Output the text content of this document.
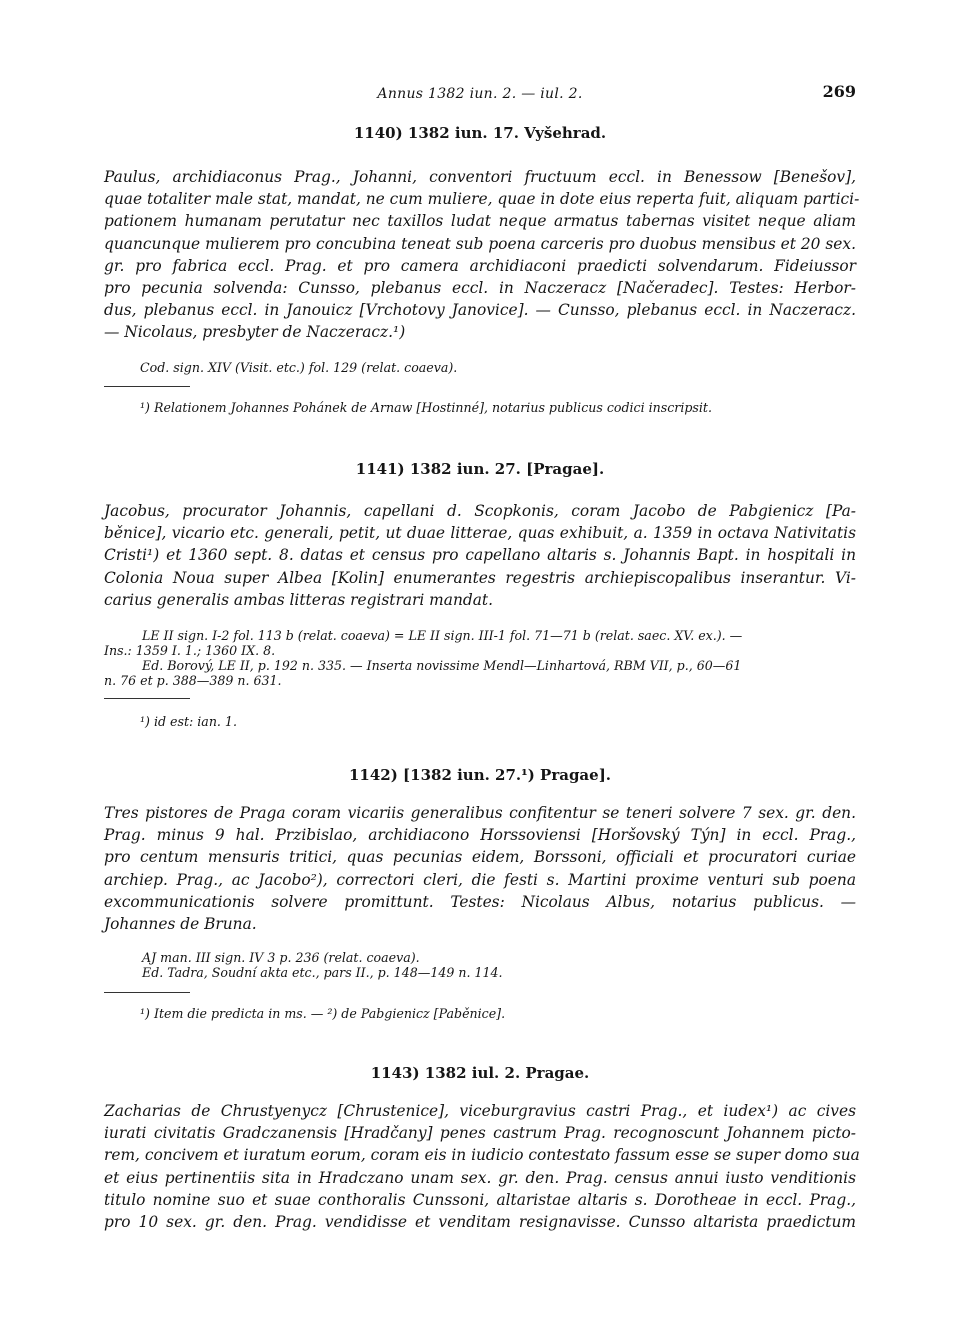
Annus 1382 iun. 2. — iul. 2.	269
1140) 1382 iun. 17. Vyšehrad.
Paulus, archidiaconus Prag., Johanni, conventori fructuum eccl. in Benessow [Benešov],
quae totaliter male stat, mandat, ne cum muliere, quae in dote eius reperta fuit, aliquam partici-
pationem humanam perutatur nec taxillos ludat neque armatus tabernas visitet neque aliam
quancunque mulierem pro concubina teneat sub poena carceris pro duobus mensibus et 20 sex.
gr. pro fabrica eccl. Prag. et pro camera archidiaconi praedicti solvendarum. Fideiussor
pro pecunia solvenda: Cunsso, plebanus eccl. in Naczeracz [Načeradec]. Testes: Herbor-
dus, plebanus eccl. in Janouicz [Vrchotovy Janovice]. — Cunsso, plebanus eccl. in Naczeracz.
— Nicolaus, presbyter de Naczeracz.¹)
Cod. sign. XIV (Visit. etc.) fol. 129 (relat. coaeva).
¹) Relationem Johannes Pohánek de Arnaw [Hostinné], notarius publicus codici inscripsit.
1141) 1382 iun. 27. [Pragae].
Jacobus, procurator Johannis, capellani d. Scopkonis, coram Jacobo de Pabgienicz [Pa-
běnice], vicario etc. generali, petit, ut duae litterae, quas exhibuit, a. 1359 in octava Nativitatis
Cristi¹) et 1360 sept. 8. datas et census pro capellano altaris s. Johannis Bapt. in hospitali in
Colonia Noua super Albea [Kolin] enumerantes regestris archiepiscopalibus inserantur. Vi-
carius generalis ambas litteras registrari mandat.
LE II sign. I-2 fol. 113 b (relat. coaeva) = LE II sign. III-1 fol. 71—71 b (relat. saec. XV. ex.). —
Ins.: 1359 I. 1.; 1360 IX. 8.
Ed. Borový, LE II, p. 192 n. 335. — Inserta novissime Mendl—Linhartová, RBM VII, p., 60—61
n. 76 et p. 388—389 n. 631.
¹) id est: ian. 1.
1142) [1382 iun. 27.¹) Pragae].
Tres pistores de Praga coram vicariis generalibus confitentur se teneri solvere 7 sex. gr. den.
Prag. minus 9 hal. Przibislao, archidiacono Horssoviensi [Horšovský Týn] in eccl. Prag.,
pro centum mensuris tritici, quas pecunias eidem, Borssoni, officiali et procuratori curiae
archiep. Prag., ac Jacobo²), correctori cleri, die festi s. Martini proxime venturi sub poena
excommunicationis solvere promittunt. Testes: Nicolaus Albus, notarius publicus. —
Johannes de Bruna.
AJ man. III sign. IV 3 p. 236 (relat. coaeva).
Ed. Tadra, Soudní akta etc., pars II., p. 148—149 n. 114.
¹) Item die predicta in ms. — ²) de Pabgienicz [Paběnice].
1143) 1382 iul. 2. Pragae.
Zacharias de Chrustyenycz [Chrustenice], viceburgravius castri Prag., et iudex¹) ac cives
iurati civitatis Gradczanensis [Hradčany] penes castrum Prag. recognoscunt Johannem picto-
rem, concivem et iuratum eorum, coram eis in iudicio contestato fassum esse se super domo sua
et eius pertinentiis sita in Hradczano unam sex. gr. den. Prag. census annui iusto venditionis
titulo nomine suo et suae conthoralis Cunssoni, altaristae altaris s. Dorotheae in eccl. Prag.,
pro 10 sex. gr. den. Prag. vendidisse et venditam resignavisse. Cunsso altarista praedictum
